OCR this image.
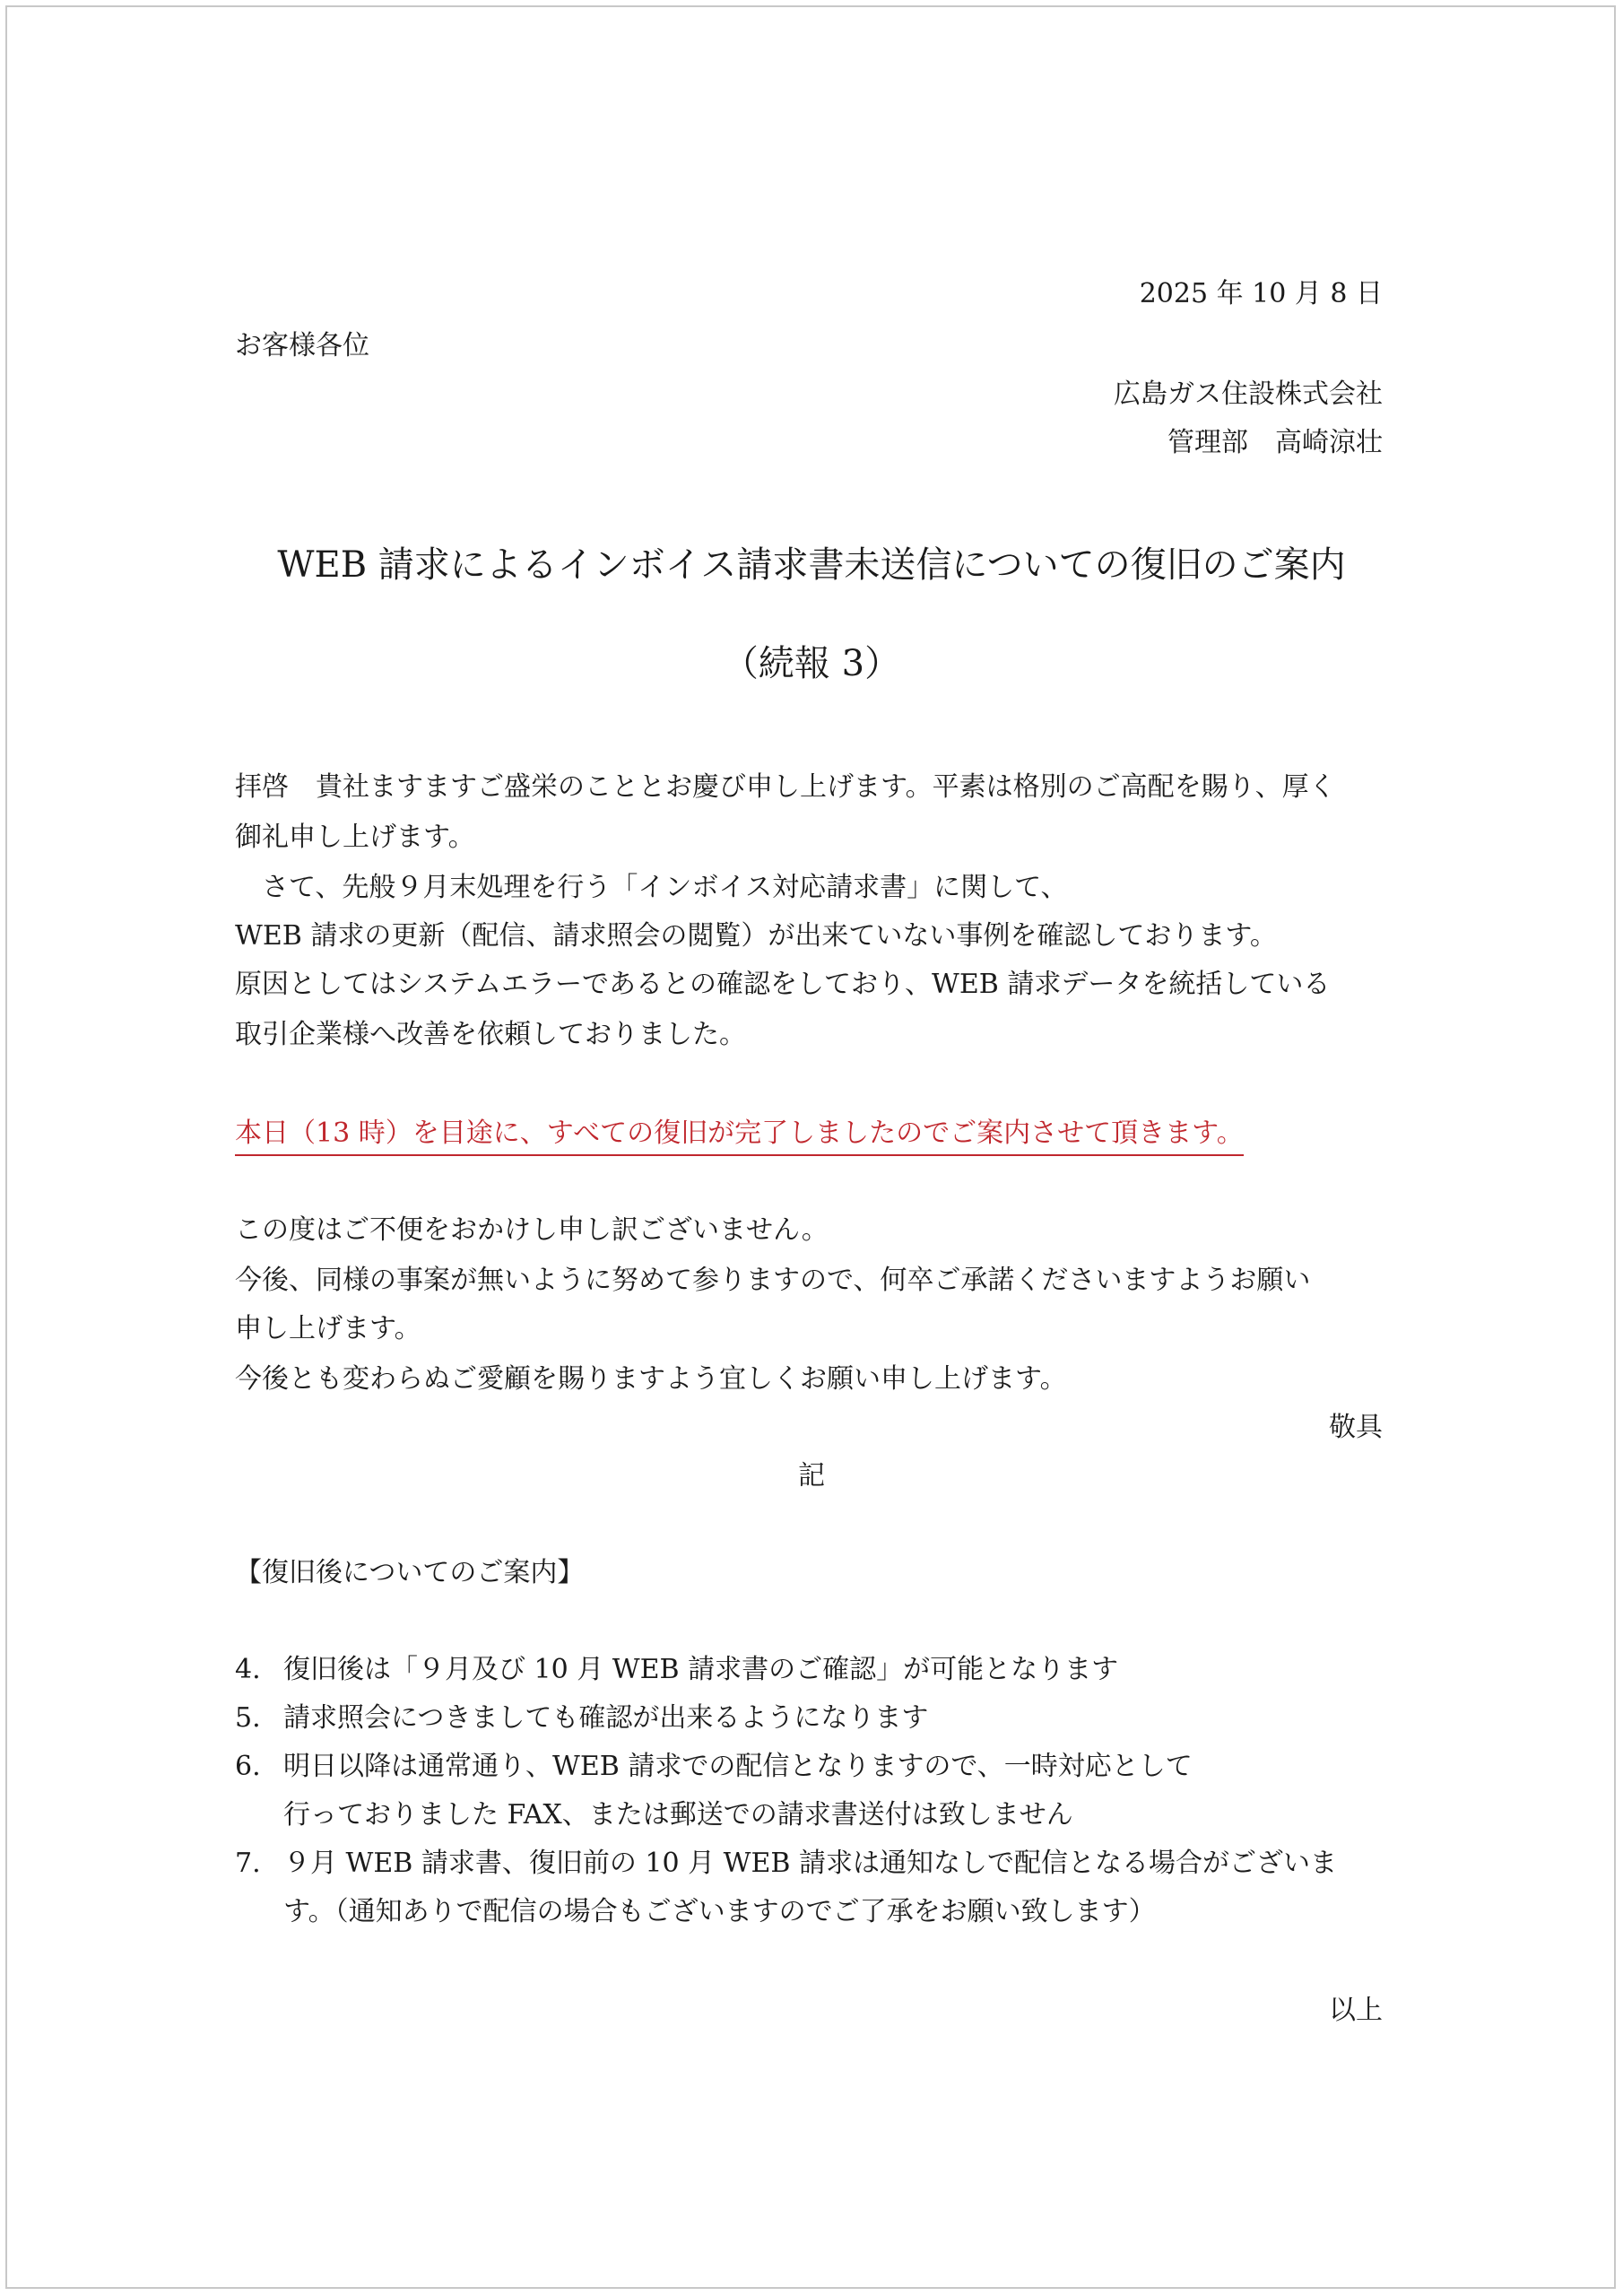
2025 年 10 月 8 日
お客様各位
広島ガス住設株式会社
管理部　高崎涼壮
WEB 請求によるインボイス請求書未送信についての復旧のご案内
（続報 3）
拝啓　貴社ますますご盛栄のこととお慶び申し上げます。平素は格別のご高配を賜り、厚く
御礼申し上げます。
　さて、先般９月末処理を行う「インボイス対応請求書」に関して、
WEB 請求の更新（配信、請求照会の閲覧）が出来ていない事例を確認しております。
原因としてはシステムエラーであるとの確認をしており、WEB 請求データを統括している
取引企業様へ改善を依頼しておりました。
本日（13 時）を目途に、すべての復旧が完了しましたのでご案内させて頂きます。
この度はご不便をおかけし申し訳ございません。
今後、同様の事案が無いように努めて参りますので、何卒ご承諾くださいますようお願い
申し上げます。
今後とも変わらぬご愛顧を賜りますよう宜しくお願い申し上げます。
敬具
記
【復旧後についてのご案内】
4. 復旧後は「９月及び 10 月 WEB 請求書のご確認」が可能となります
5. 請求照会につきましても確認が出来るようになります
6. 明日以降は通常通り、WEB 請求での配信となりますので、一時対応として
行っておりました FAX、または郵送での請求書送付は致しません
7. ９月 WEB 請求書、復旧前の 10 月 WEB 請求は通知なしで配信となる場合がございま
す。（通知ありで配信の場合もございますのでご了承をお願い致します）
以上
